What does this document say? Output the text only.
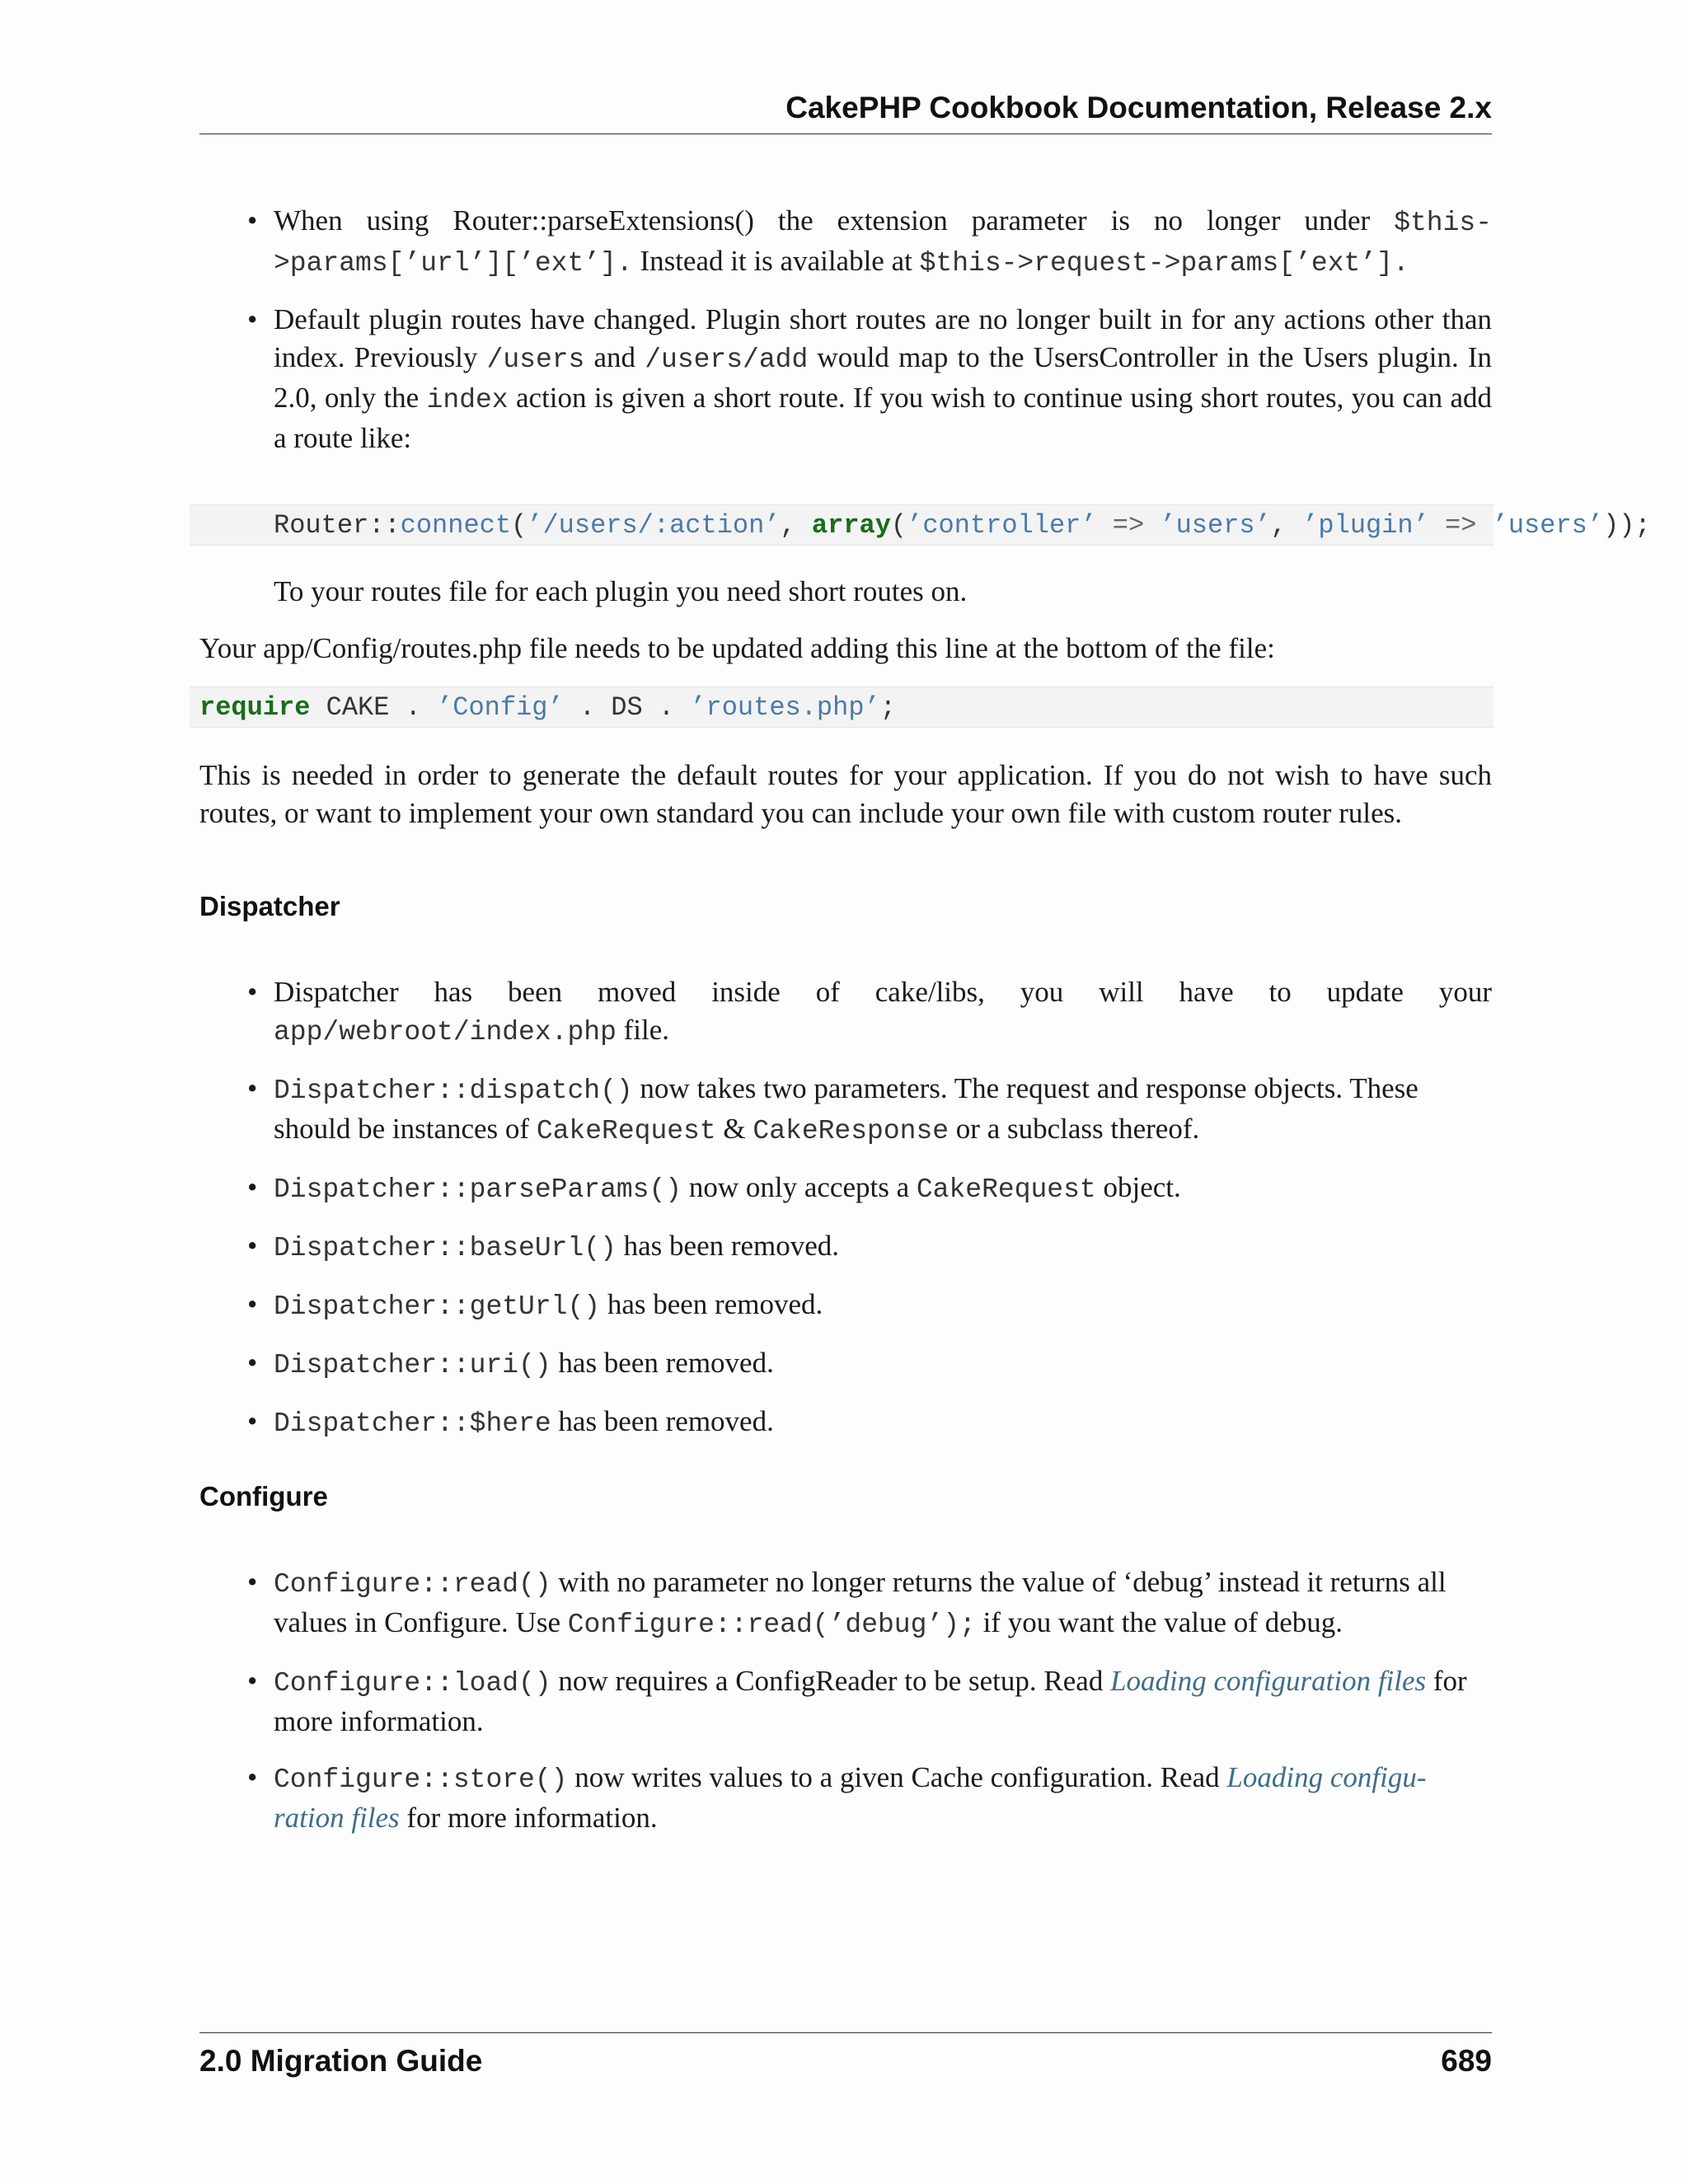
CakePHP Cookbook Documentation, Release 2.x
• When using Router::parseExtensions() the extension parameter is no longer under $this->params[’url’][’ext’]. Instead it is available at $this->request->params[’ext’].
• Default plugin routes have changed. Plugin short routes are no longer built in for any actions other than index. Previously /users and /users/add would map to the UsersController in the Users plugin. In 2.0, only the index action is given a short route. If you wish to continue using short routes, you can add a route like:
Router::connect(’/users/:action’, array(’controller’ => ’users’, ’plugin’ => ’users’));
To your routes file for each plugin you need short routes on.
Your app/Config/routes.php file needs to be updated adding this line at the bottom of the file:
require CAKE . ’Config’ . DS . ’routes.php’;
This is needed in order to generate the default routes for your application. If you do not wish to have such routes, or want to implement your own standard you can include your own file with custom router rules.
Dispatcher
• Dispatcher has been moved inside of cake/libs, you will have to update your app/webroot/index.php file.
• Dispatcher::dispatch() now takes two parameters. The request and response objects. These should be instances of CakeRequest & CakeResponse or a subclass thereof.
• Dispatcher::parseParams() now only accepts a CakeRequest object.
• Dispatcher::baseUrl() has been removed.
• Dispatcher::getUrl() has been removed.
• Dispatcher::uri() has been removed.
• Dispatcher::$here has been removed.
Configure
• Configure::read() with no parameter no longer returns the value of ‘debug’ instead it returns all values in Configure. Use Configure::read(’debug’); if you want the value of debug.
• Configure::load() now requires a ConfigReader to be setup. Read Loading configuration files for more information.
• Configure::store() now writes values to a given Cache configuration. Read Loading configu-ration files for more information.
2.0 Migration Guide	689
